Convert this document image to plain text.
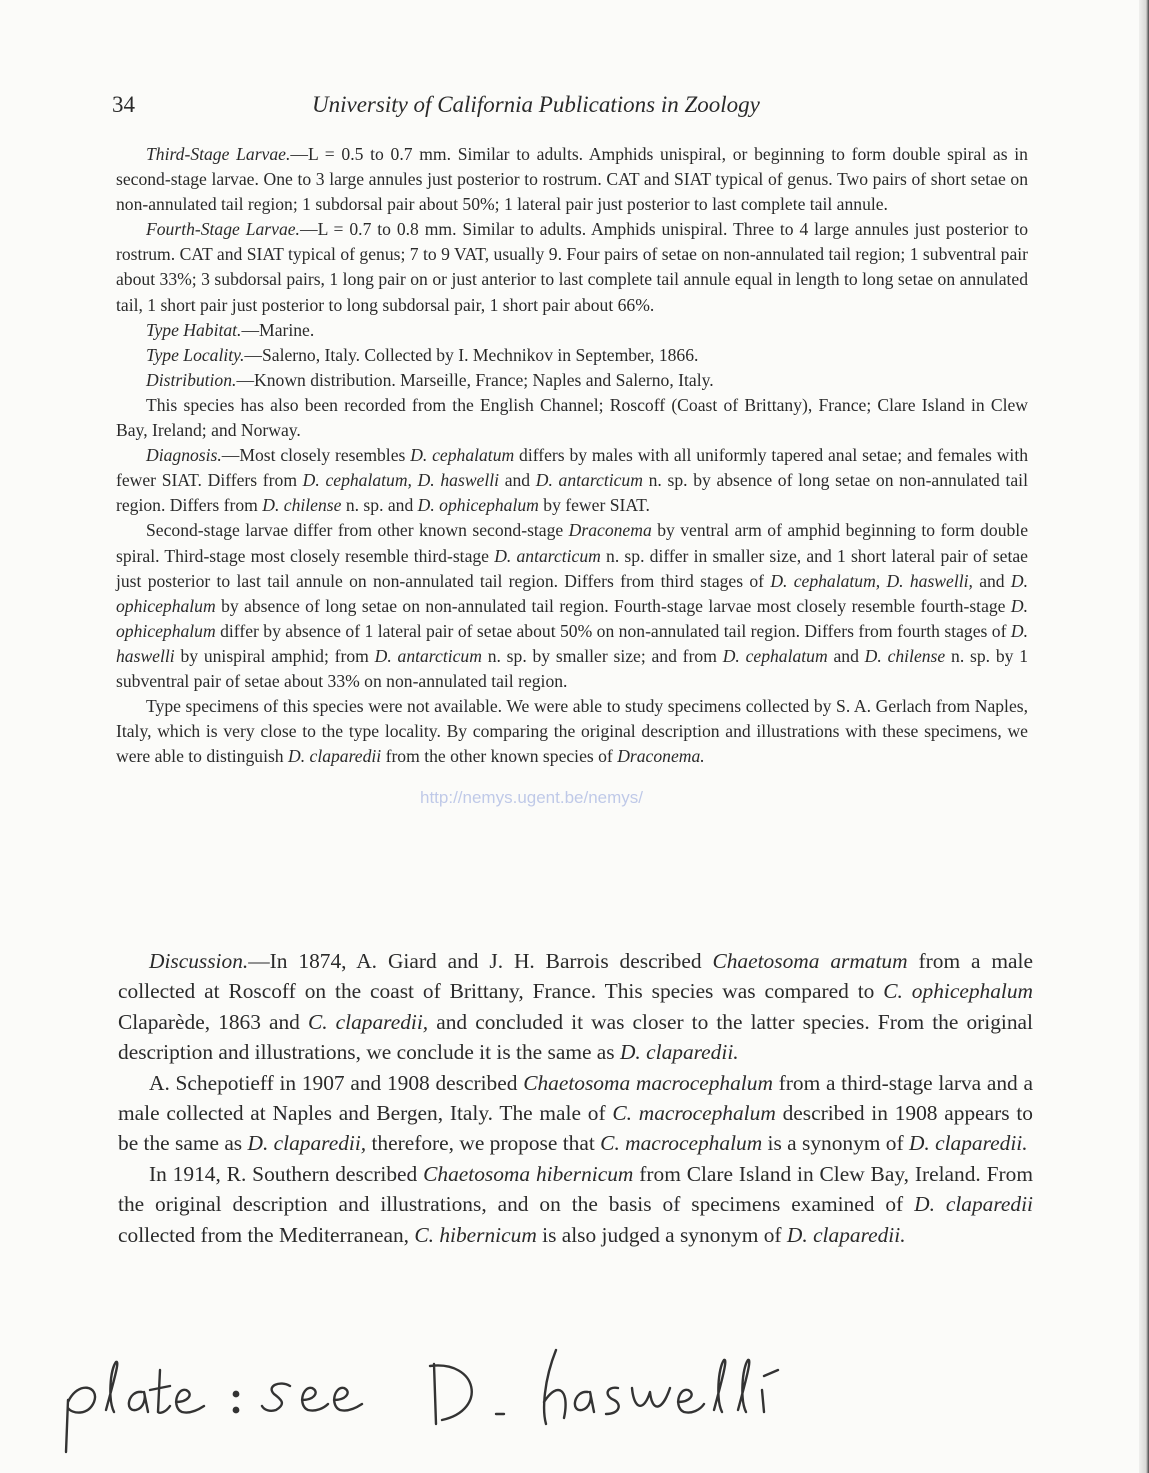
34	University of California Publications in Zoology

Third-Stage Larvae.—L = 0.5 to 0.7 mm. Similar to adults. Amphids unispiral, or beginning to form double spiral as in second-stage larvae. One to 3 large annules just posterior to rostrum. CAT and SIAT typical of genus. Two pairs of short setae on non-annulated tail region; 1 subdorsal pair about 50%; 1 lateral pair just posterior to last complete tail annule.

Fourth-Stage Larvae.—L = 0.7 to 0.8 mm. Similar to adults. Amphids unispiral. Three to 4 large annules just posterior to rostrum. CAT and SIAT typical of genus; 7 to 9 VAT, usually 9. Four pairs of setae on non-annulated tail region; 1 subventral pair about 33%; 3 subdorsal pairs, 1 long pair on or just anterior to last complete tail annule equal in length to long setae on annulated tail, 1 short pair just posterior to long subdorsal pair, 1 short pair about 66%.

Type Habitat.—Marine.

Type Locality.—Salerno, Italy. Collected by I. Mechnikov in September, 1866.

Distribution.—Known distribution. Marseille, France; Naples and Salerno, Italy.

This species has also been recorded from the English Channel; Roscoff (Coast of Brittany), France; Clare Island in Clew Bay, Ireland; and Norway.

Diagnosis.—Most closely resembles D. cephalatum differs by males with all uniformly tapered anal setae; and females with fewer SIAT. Differs from D. cephalatum, D. haswelli and D. antarcticum n. sp. by absence of long setae on non-annulated tail region. Differs from D. chilense n. sp. and D. ophicephalum by fewer SIAT.

Second-stage larvae differ from other known second-stage Draconema by ventral arm of amphid beginning to form double spiral. Third-stage most closely resemble third-stage D. antarcticum n. sp. differ in smaller size, and 1 short lateral pair of setae just posterior to last tail annule on non-annulated tail region. Differs from third stages of D. cephalatum, D. haswelli, and D. ophicephalum by absence of long setae on non-annulated tail region. Fourth-stage larvae most closely resemble fourth-stage D. ophicephalum differ by absence of 1 lateral pair of setae about 50% on non-annulated tail region. Differs from fourth stages of D. haswelli by unispiral amphid; from D. antarcticum n. sp. by smaller size; and from D. cephalatum and D. chilense n. sp. by 1 subventral pair of setae about 33% on non-annulated tail region.

Type specimens of this species were not available. We were able to study specimens collected by S. A. Gerlach from Naples, Italy, which is very close to the type locality. By comparing the original description and illustrations with these specimens, we were able to distinguish D. claparedii from the other known species of Draconema.

http://nemys.ugent.be/nemys/

Discussion.—In 1874, A. Giard and J. H. Barrois described Chaetosoma armatum from a male collected at Roscoff on the coast of Brittany, France. This species was compared to C. ophicephalum Claparède, 1863 and C. claparedii, and concluded it was closer to the latter species. From the original description and illustrations, we conclude it is the same as D. claparedii.

A. Schepotieff in 1907 and 1908 described Chaetosoma macrocephalum from a third-stage larva and a male collected at Naples and Bergen, Italy. The male of C. macrocephalum described in 1908 appears to be the same as D. claparedii, therefore, we propose that C. macrocephalum is a synonym of D. claparedii.

In 1914, R. Southern described Chaetosoma hibernicum from Clare Island in Clew Bay, Ireland. From the original description and illustrations, and on the basis of specimens examined of D. claparedii collected from the Mediterranean, C. hibernicum is also judged a synonym of D. claparedii.
